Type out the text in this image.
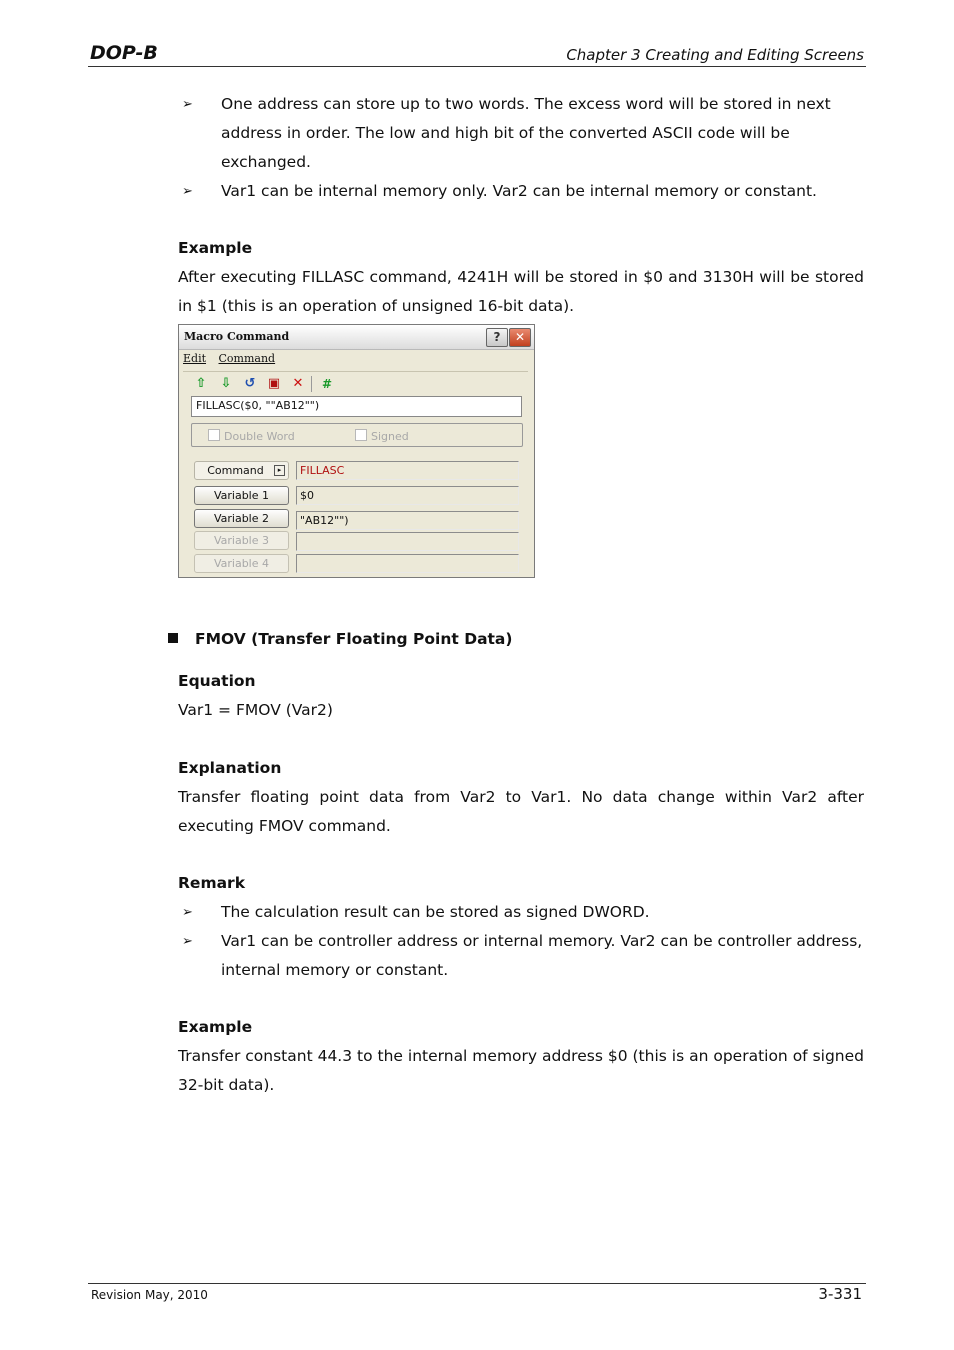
DOP-B	Chapter 3 Creating and Editing Screens
➢ One address can store up to two words. The excess word will be stored in next address in order. The low and high bit of the converted ASCII code will be exchanged.
➢ Var1 can be internal memory only. Var2 can be internal memory or constant.
Example
After executing FILLASC command, 4241H will be stored in $0 and 3130H will be stored in $1 (this is an operation of unsigned 16-bit data).
Macro Command	?	✕
Edit Command
⇧ ⇩ ↺ ▣ ✕ #
FILLASC($0, ""AB12"")
Double Word	Signed
Command	▸	FILLASC
Variable 1	$0
Variable 2	"AB12"")
Variable 3
Variable 4
FMOV (Transfer Floating Point Data)
Equation
Var1 = FMOV (Var2)
Explanation
Transfer floating point data from Var2 to Var1. No data change within Var2 after executing FMOV command.
Remark
➢ The calculation result can be stored as signed DWORD.
➢ Var1 can be controller address or internal memory. Var2 can be controller address, internal memory or constant.
Example
Transfer constant 44.3 to the internal memory address $0 (this is an operation of signed 32-bit data).
Revision May, 2010	3-331
